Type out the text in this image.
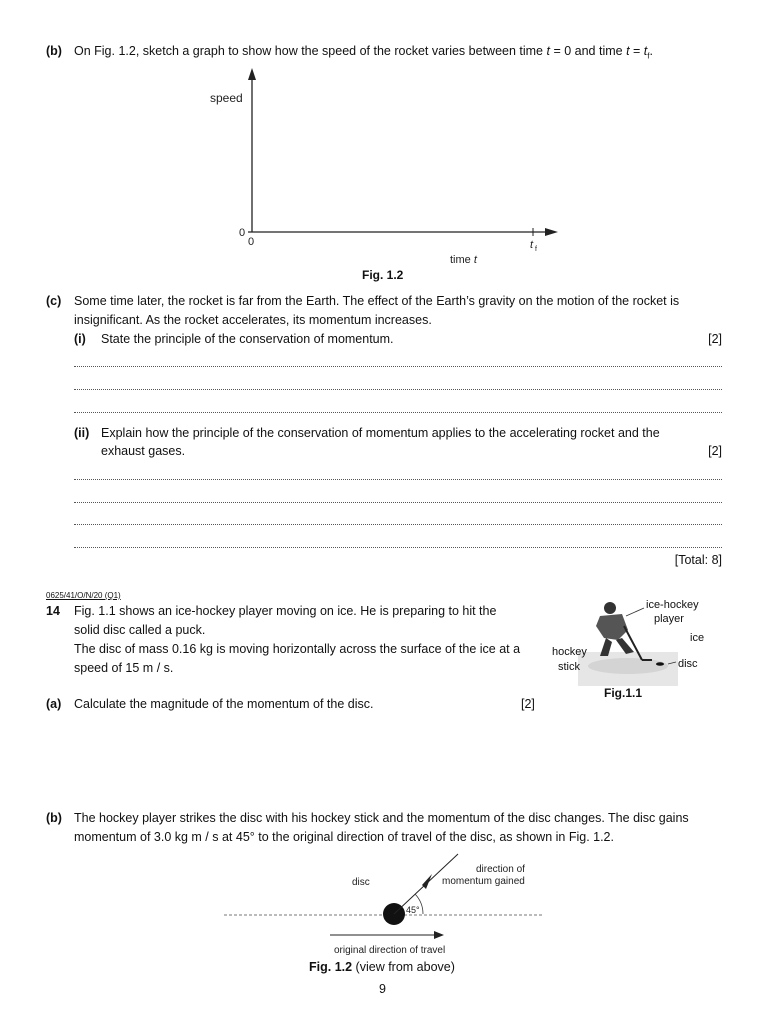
(b) On Fig. 1.2, sketch a graph to show how the speed of the rocket varies between time t = 0 and time $t = t_f$.
speed
0
0	t f
time t
Fig. 1.2
(c) Some time later, the rocket is far from the Earth. The effect of the Earth’s gravity on the motion of the rocket is
insignificant. As the rocket accelerates, its momentum increases.
(i) State the principle of the conservation of momentum.	[2]
(ii) Explain how the principle of the conservation of momentum applies to the accelerating rocket and the
exhaust gases.	[2]
[Total: 8]
0625/41/O/N/20 (Q1)
14 Fig. 1.1 shows an ice-hockey player moving on ice. He is preparing to hit the
solid disc called a puck.
The disc of mass 0.16 kg is moving horizontally across the surface of the ice at a
speed of 15 m / s.
ice-hockey
player
ice
disc
hockey
stick
Fig.1.1
(a) Calculate the magnitude of the momentum of the disc.	[2]
(b) The hockey player strikes the disc with his hockey stick and the momentum of the disc changes. The disc gains
momentum of 3.0 kg m / s at 45° to the original direction of travel of the disc, as shown in Fig. 1.2.
disc
direction of
momentum gained
45°
original direction of travel
Fig. 1.2 (view from above)
9
